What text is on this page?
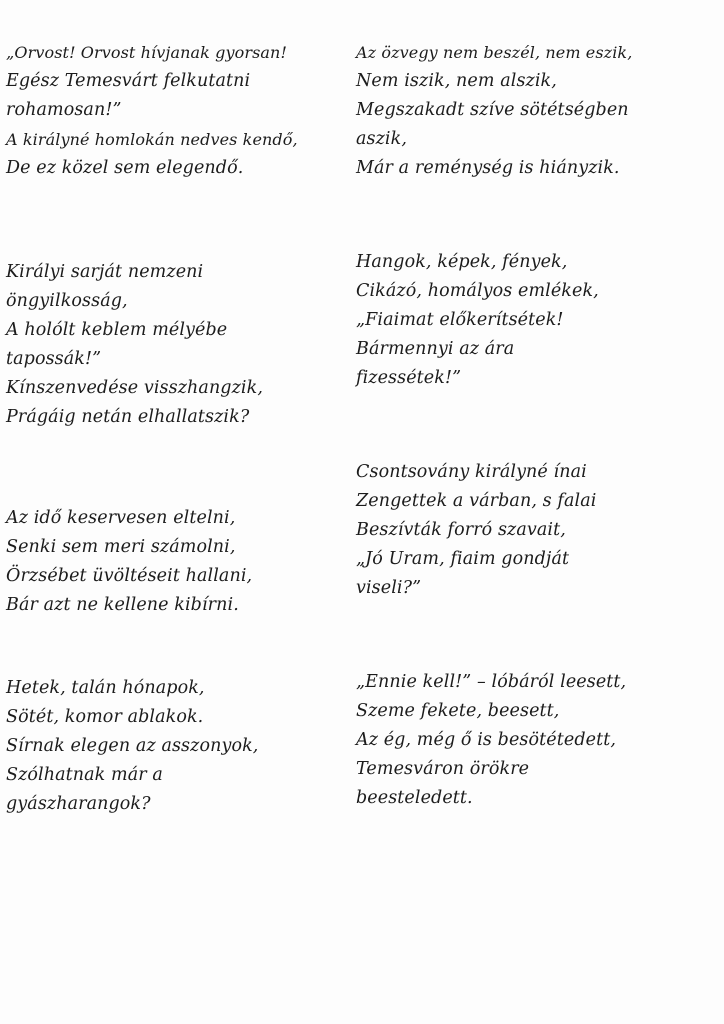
„Orvost! Orvost hívjanak gyorsan!
Egész Temesvárt felkutatni
rohamosan!”
A királyné homlokán nedves kendő,
De ez közel sem elegendő.
Királyi sarját nemzeni
öngyilkosság,
A holólt keblem mélyébe
tapossák!”
Kínszenvedése visszhangzik,
Prágáig netán elhallatszik?
Az idő keservesen eltelni,
Senki sem meri számolni,
Örzsébet üvöltéseit hallani,
Bár azt ne kellene kibírni.
Hetek, talán hónapok,
Sötét, komor ablakok.
Sírnak elegen az asszonyok,
Szólhatnak már a
gyászharangok?
Az özvegy nem beszél, nem eszik,
Nem iszik, nem alszik,
Megszakadt szíve sötétségben
aszik,
Már a reménység is hiányzik.
Hangok, képek, fények,
Cikázó, homályos emlékek,
„Fiaimat előkerítsétek!
Bármennyi az ára
fizessétek!”
Csontsovány királyné ínai
Zengettek a várban, s falai
Beszívták forró szavait,
„Jó Uram, fiaim gondját
viseli?”
„Ennie kell!” – lóbáról leesett,
Szeme fekete, beesett,
Az ég, még ő is besötétedett,
Temesváron örökre
beesteledett.
